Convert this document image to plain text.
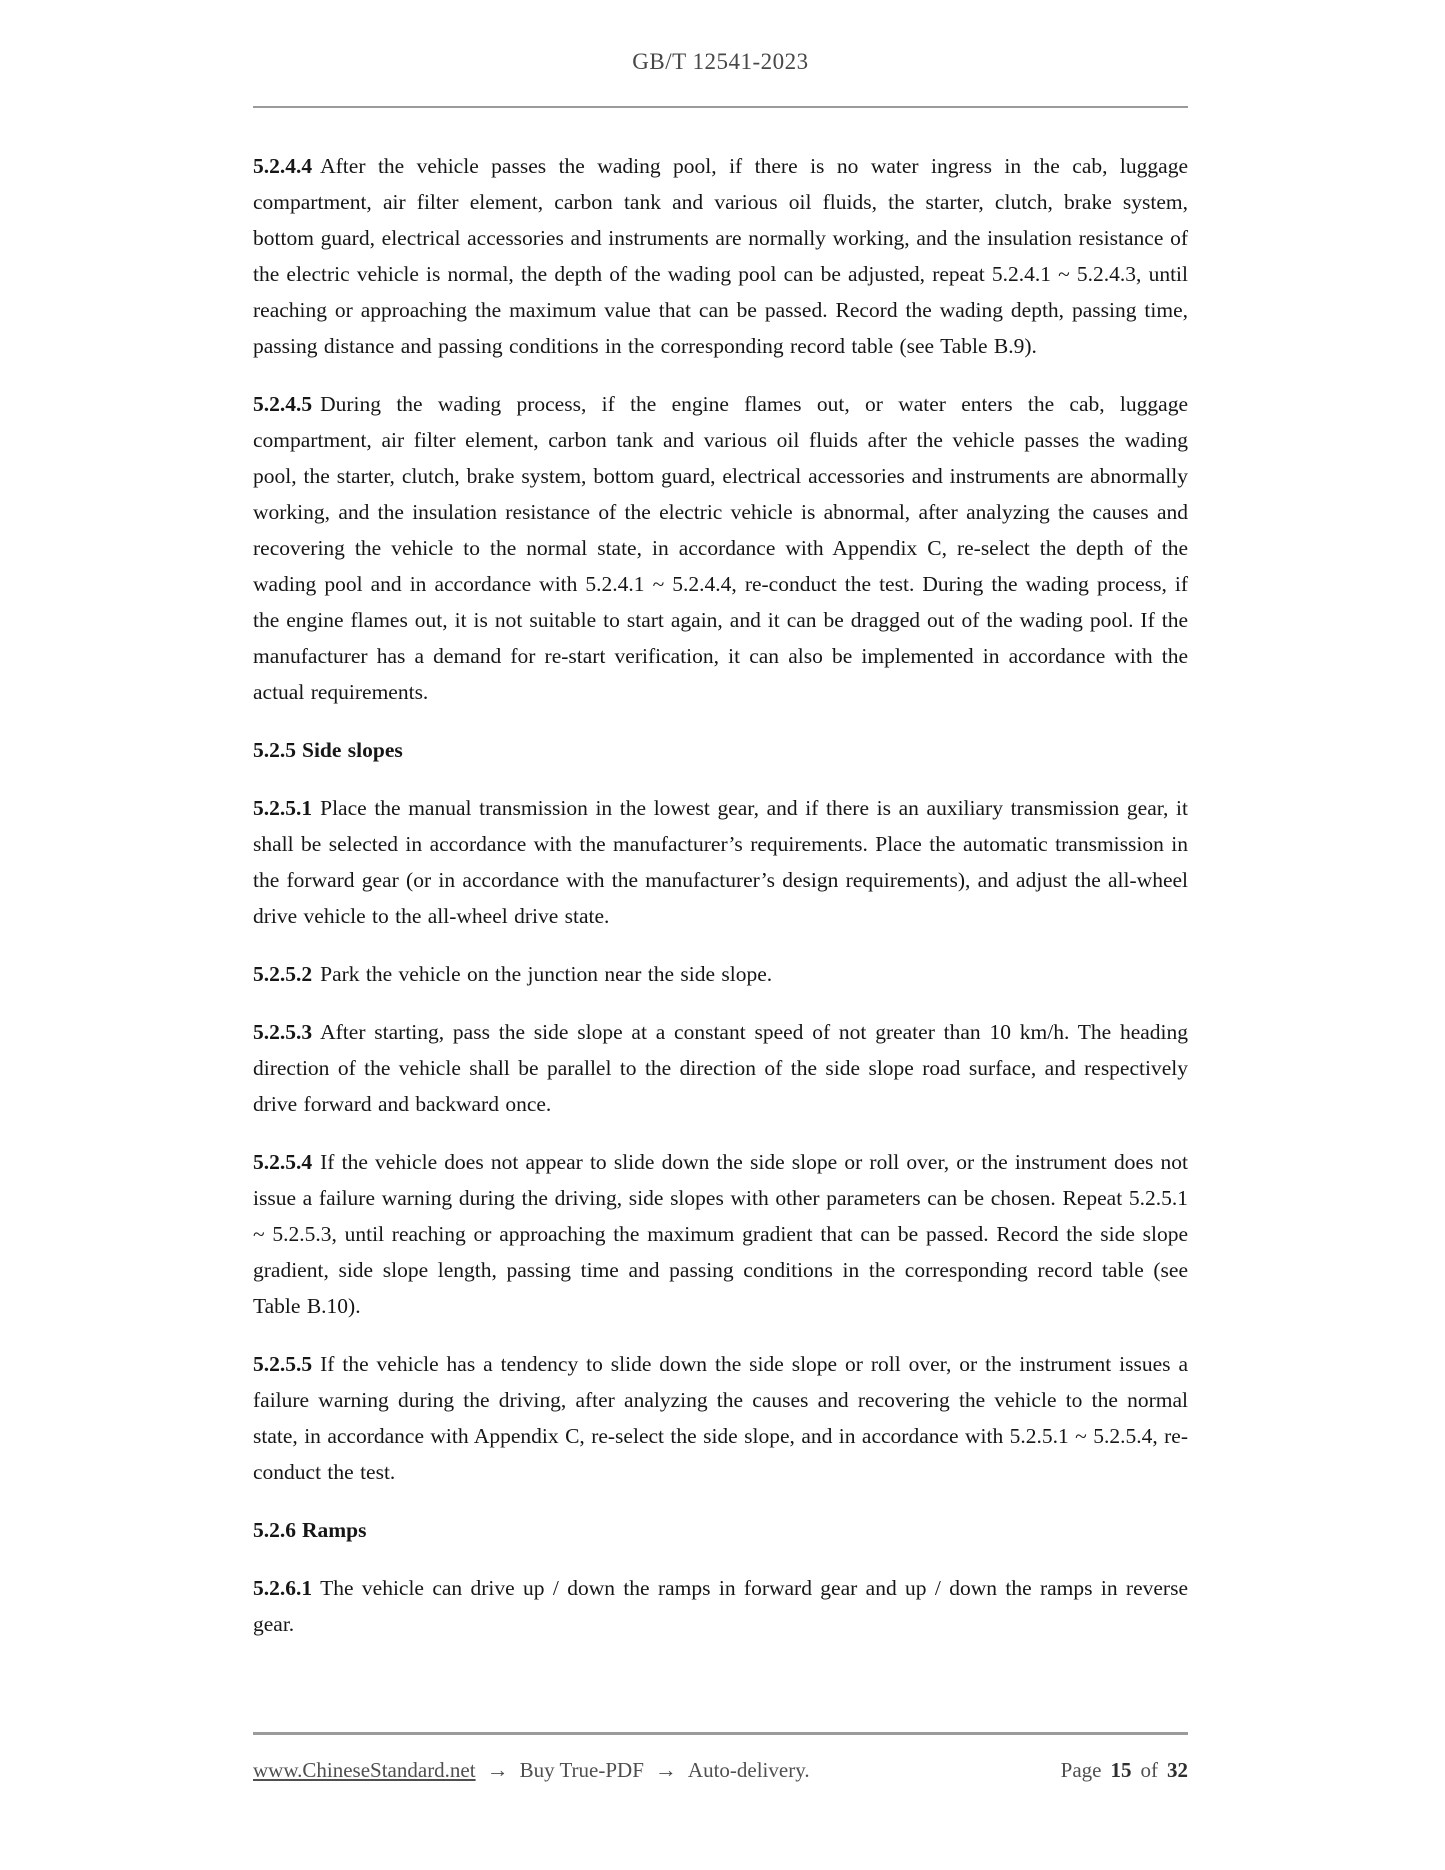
GB/T 12541-2023

5.2.4.4 After the vehicle passes the wading pool, if there is no water ingress in the cab, luggage compartment, air filter element, carbon tank and various oil fluids, the starter, clutch, brake system, bottom guard, electrical accessories and instruments are normally working, and the insulation resistance of the electric vehicle is normal, the depth of the wading pool can be adjusted, repeat 5.2.4.1 ~ 5.2.4.3, until reaching or approaching the maximum value that can be passed. Record the wading depth, passing time, passing distance and passing conditions in the corresponding record table (see Table B.9).

5.2.4.5 During the wading process, if the engine flames out, or water enters the cab, luggage compartment, air filter element, carbon tank and various oil fluids after the vehicle passes the wading pool, the starter, clutch, brake system, bottom guard, electrical accessories and instruments are abnormally working, and the insulation resistance of the electric vehicle is abnormal, after analyzing the causes and recovering the vehicle to the normal state, in accordance with Appendix C, re-select the depth of the wading pool and in accordance with 5.2.4.1 ~ 5.2.4.4, re-conduct the test. During the wading process, if the engine flames out, it is not suitable to start again, and it can be dragged out of the wading pool. If the manufacturer has a demand for re-start verification, it can also be implemented in accordance with the actual requirements.

5.2.5 Side slopes

5.2.5.1 Place the manual transmission in the lowest gear, and if there is an auxiliary transmission gear, it shall be selected in accordance with the manufacturer’s requirements. Place the automatic transmission in the forward gear (or in accordance with the manufacturer’s design requirements), and adjust the all-wheel drive vehicle to the all-wheel drive state.

5.2.5.2 Park the vehicle on the junction near the side slope.

5.2.5.3 After starting, pass the side slope at a constant speed of not greater than 10 km/h. The heading direction of the vehicle shall be parallel to the direction of the side slope road surface, and respectively drive forward and backward once.

5.2.5.4 If the vehicle does not appear to slide down the side slope or roll over, or the instrument does not issue a failure warning during the driving, side slopes with other parameters can be chosen. Repeat 5.2.5.1 ~ 5.2.5.3, until reaching or approaching the maximum gradient that can be passed. Record the side slope gradient, side slope length, passing time and passing conditions in the corresponding record table (see Table B.10).

5.2.5.5 If the vehicle has a tendency to slide down the side slope or roll over, or the instrument issues a failure warning during the driving, after analyzing the causes and recovering the vehicle to the normal state, in accordance with Appendix C, re-select the side slope, and in accordance with 5.2.5.1 ~ 5.2.5.4, re-conduct the test.

5.2.6 Ramps

5.2.6.1 The vehicle can drive up / down the ramps in forward gear and up / down the ramps in reverse gear.

www.ChineseStandard.net → Buy True-PDF → Auto-delivery.	Page 15 of 32
